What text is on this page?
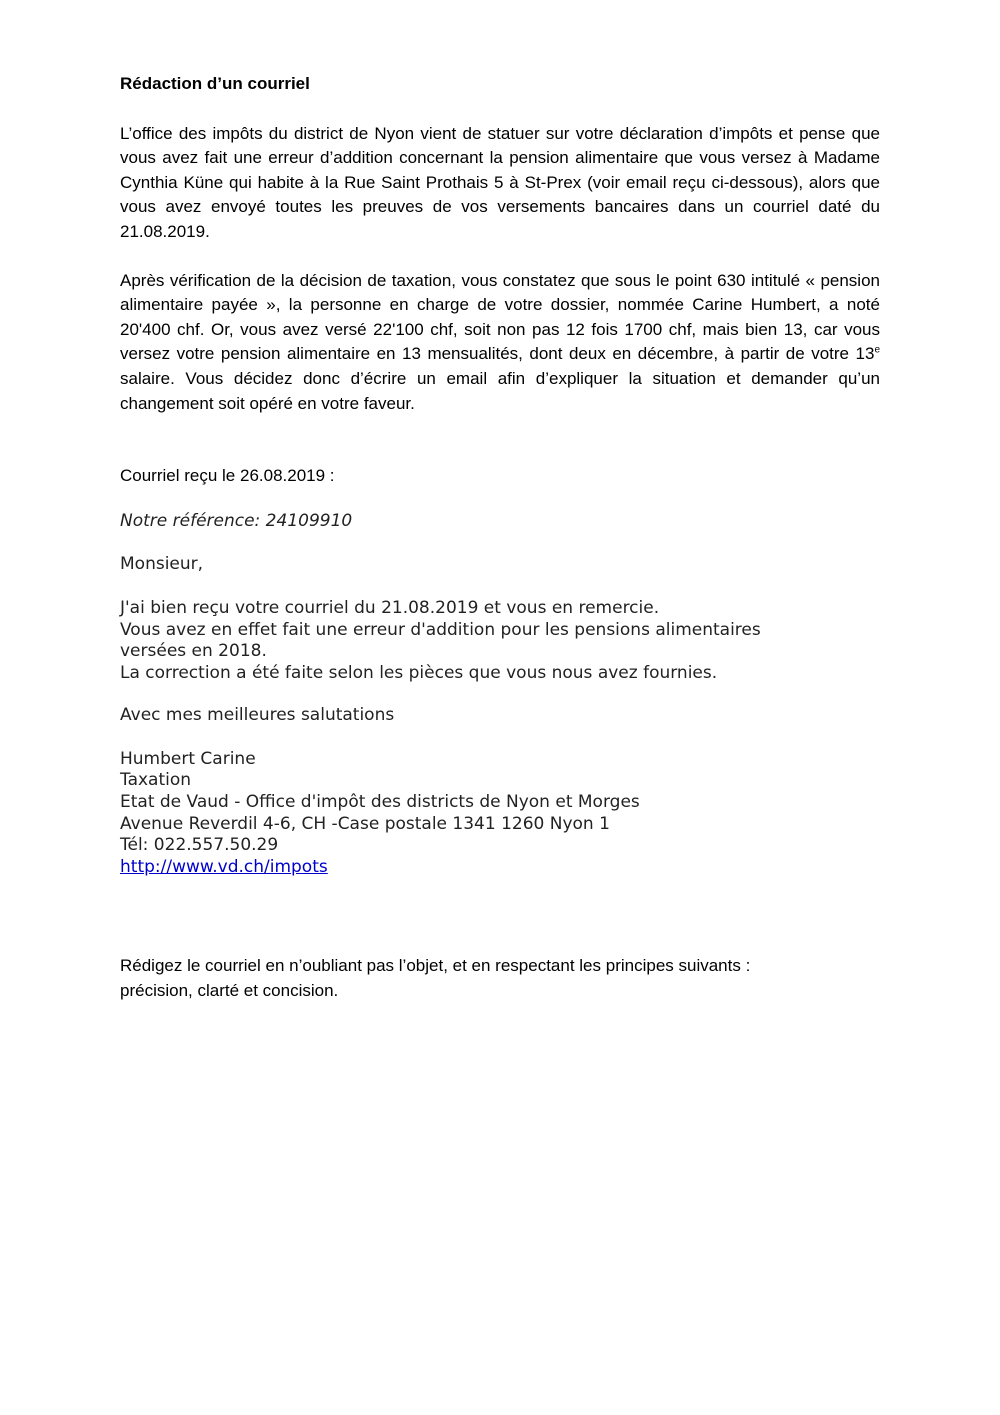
Rédaction d’un courriel

L’office des impôts du district de Nyon vient de statuer sur votre déclaration d’impôts et pense que vous avez fait une erreur d’addition concernant la pension alimentaire que vous versez à Madame Cynthia Küne qui habite à la Rue Saint Prothais 5 à St-Prex (voir email reçu ci-dessous), alors que vous avez envoyé toutes les preuves de vos versements bancaires dans un courriel daté du 21.08.2019.

Après vérification de la décision de taxation, vous constatez que sous le point 630 intitulé « pension alimentaire payée », la personne en charge de votre dossier, nommée Carine Humbert, a noté 20'400 chf. Or, vous avez versé 22'100 chf, soit non pas 12 fois 1700 chf, mais bien 13, car vous versez votre pension alimentaire en 13 mensualités, dont deux en décembre, à partir de votre 13e salaire. Vous décidez donc d’écrire un email afin d’expliquer la situation et demander qu’un changement soit opéré en votre faveur.

Courriel reçu le 26.08.2019 :

Notre référence: 24109910

Monsieur,

J'ai bien reçu votre courriel du 21.08.2019 et vous en remercie.

Vous avez en effet fait une erreur d'addition pour les pensions alimentaires

versées en 2018.

La correction a été faite selon les pièces que vous nous avez fournies.

Avec mes meilleures salutations

Humbert Carine

Taxation

Etat de Vaud - Office d'impôt des districts de Nyon et Morges

Avenue Reverdil 4-6, CH -Case postale 1341 1260 Nyon 1

Tél: 022.557.50.29

http://www.vd.ch/impots

Rédigez le courriel en n’oubliant pas l’objet, et en respectant les principes suivants :

précision, clarté et concision.
